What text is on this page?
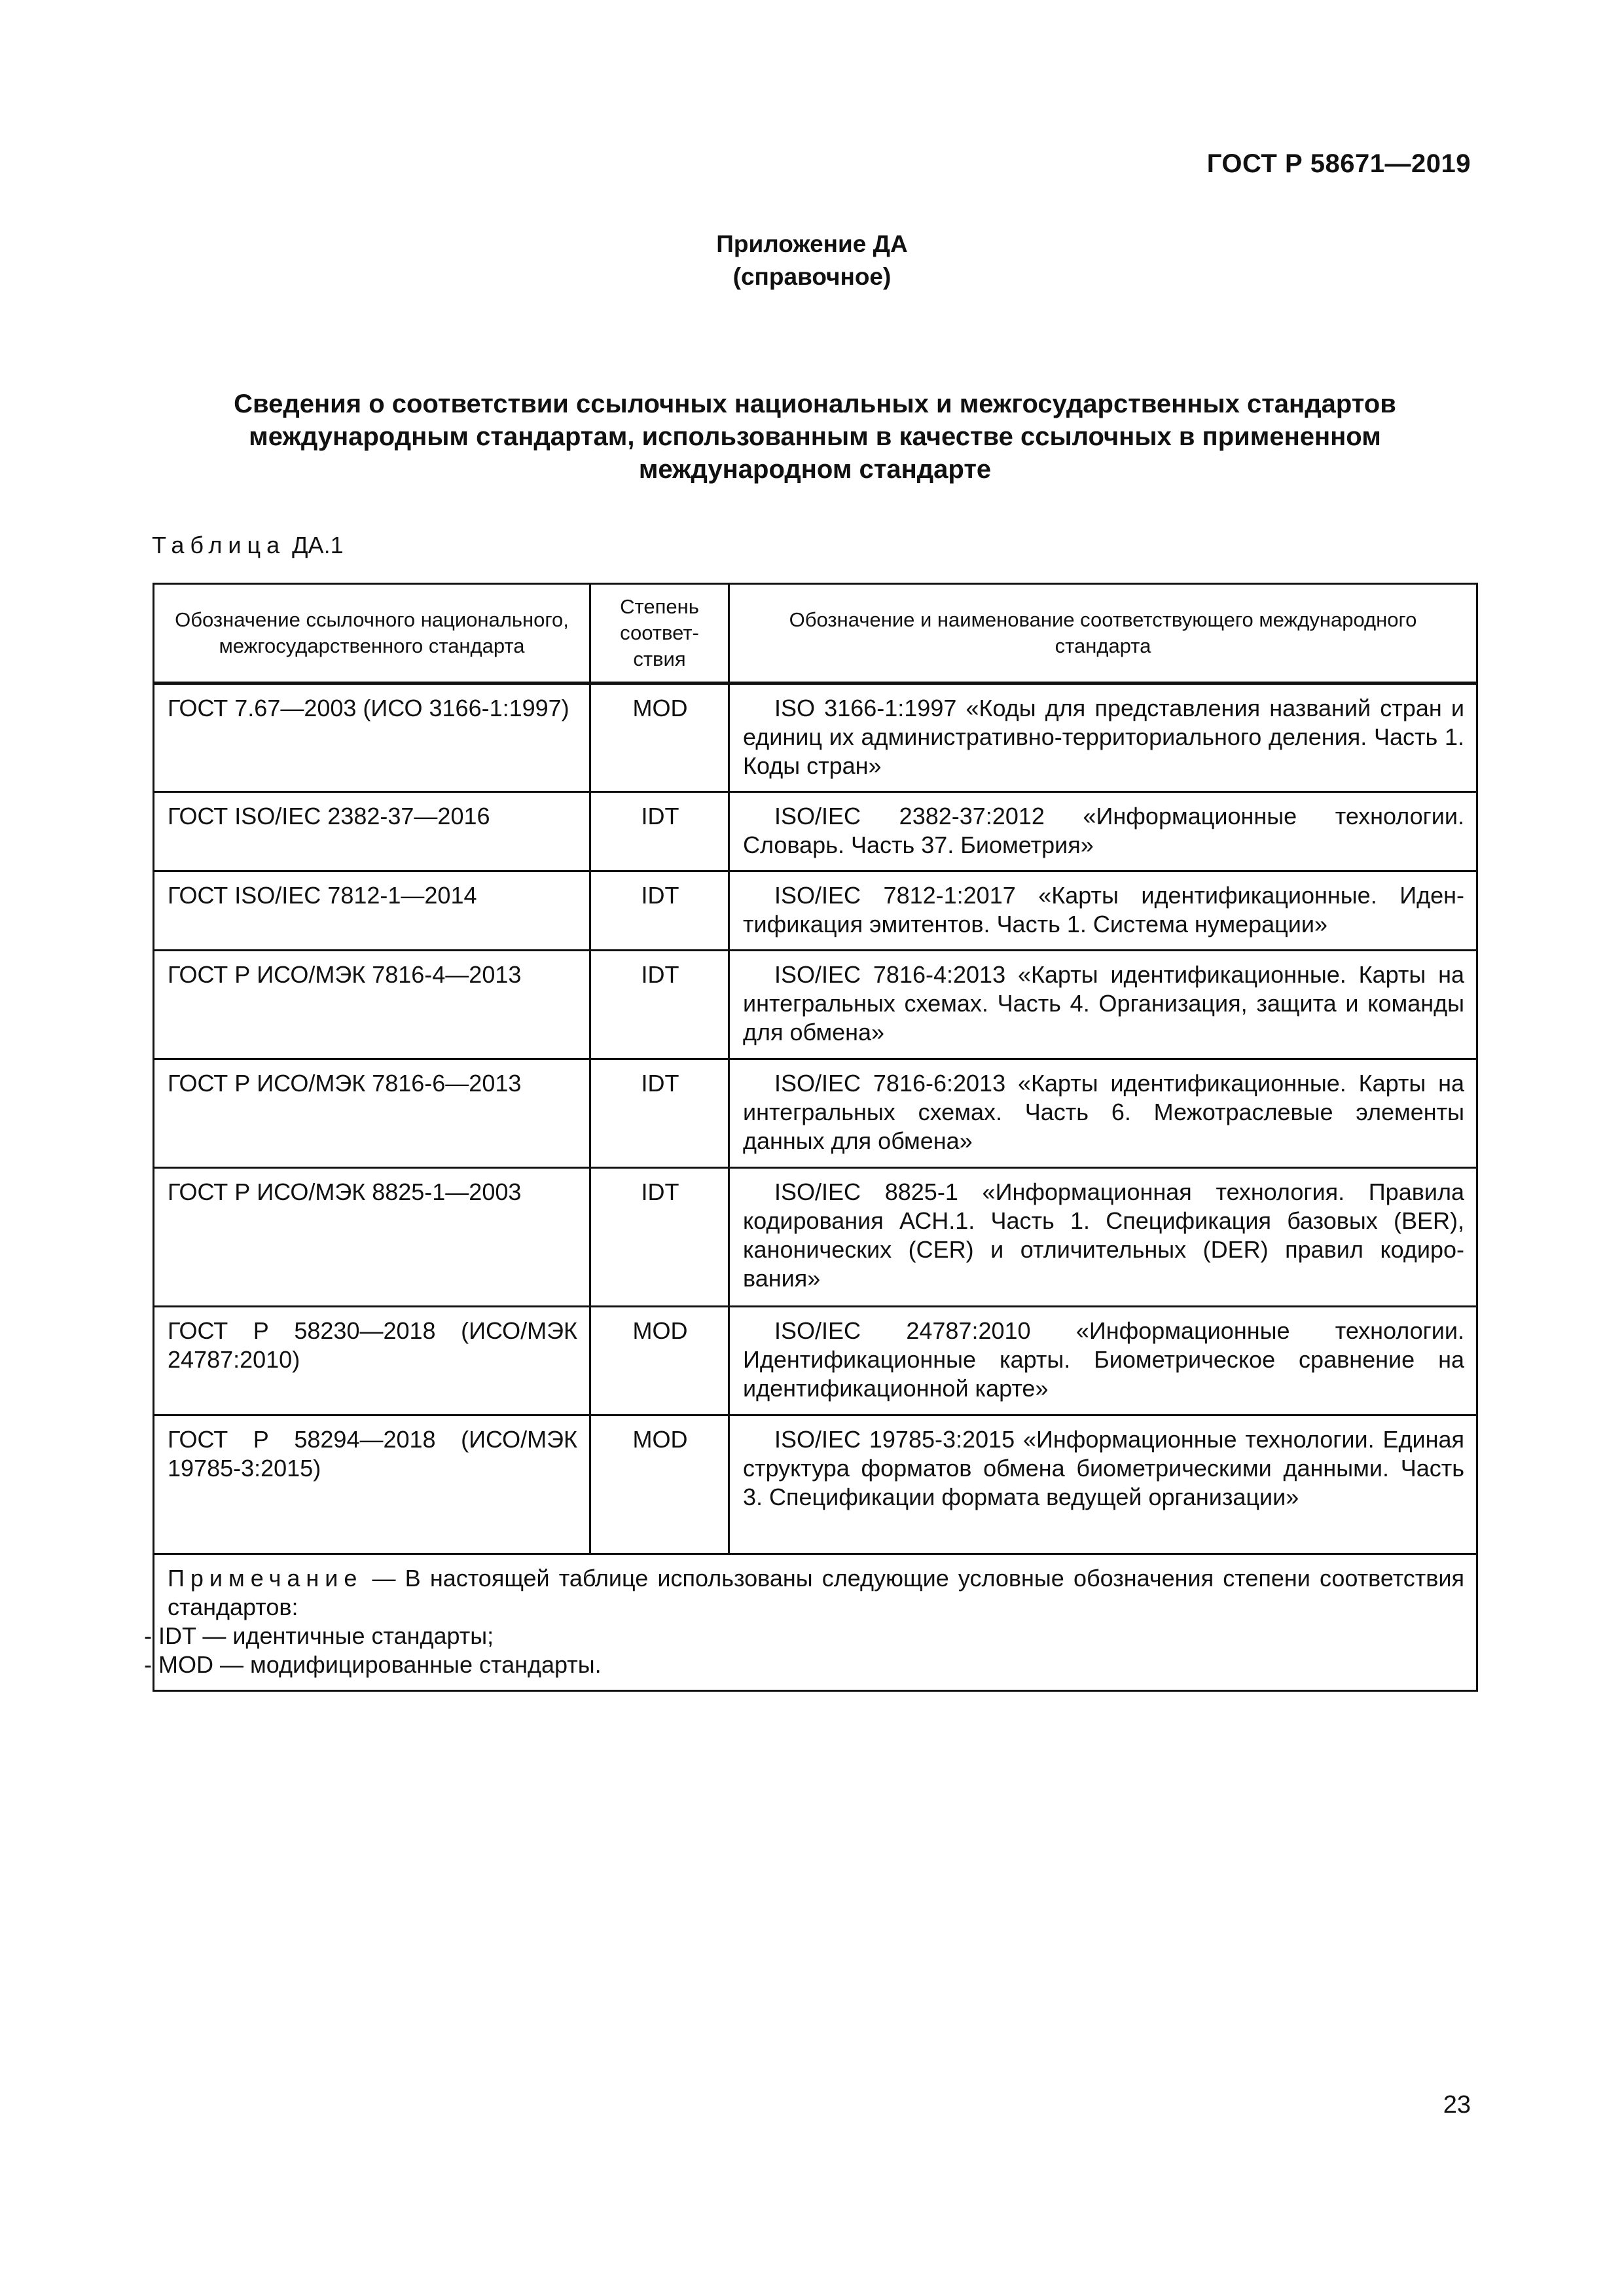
ГОСТ Р 58671—2019
Приложение ДА
(справочное)
Сведения о соответствии ссылочных национальных и межгосударственных стандартов
международным стандартам, использованным в качестве ссылочных в примененном
международном стандарте
Таблица ДА.1
Обозначение ссылочного национального, межгосударственного стандарта	Степень соответ- ствия	Обозначение и наименование соответствующего международного стандарта
ГОСТ 7.67—2003 (ИСО 3166-1:1997)	MOD	ISO 3166-1:1997 «Коды для представления названий стран и единиц их административно-территориального деления. Часть 1. Коды стран»
ГОСТ ISO/IEC 2382-37—2016	IDT	ISO/IEC 2382-37:2012 «Информационные технологии. Словарь. Часть 37. Биометрия»
ГОСТ ISO/IEC 7812-1—2014	IDT	ISO/IEC 7812-1:2017 «Карты идентификационные. Идентификация эмитентов. Часть 1. Система нумерации»
ГОСТ Р ИСО/МЭК 7816-4—2013	IDT	ISO/IEC 7816-4:2013 «Карты идентификационные. Карты на интегральных схемах. Часть 4. Организация, защита и команды для обмена»
ГОСТ Р ИСО/МЭК 7816-6—2013	IDT	ISO/IEC 7816-6:2013 «Карты идентификационные. Карты на интегральных схемах. Часть 6. Межотраслевые элементы данных для обмена»
ГОСТ Р ИСО/МЭК 8825-1—2003	IDT	ISO/IEC 8825-1 «Информационная технология. Правила кодирования АСН.1. Часть 1. Спецификация базовых (BER), канонических (CER) и отличительных (DER) правил кодирования»
ГОСТ Р 58230—2018 (ИСО/МЭК 24787:2010)	MOD	ISO/IEC 24787:2010 «Информационные технологии. Идентификационные карты. Биометрическое сравнение на идентификационной карте»
ГОСТ Р 58294—2018 (ИСО/МЭК 19785-3:2015)	MOD	ISO/IEC 19785-3:2015 «Информационные технологии. Единая структура форматов обмена биометрическими данными. Часть 3. Спецификации формата ведущей организации»

Примечание — В настоящей таблице использованы следующие условные обозначения степени соответствия стандартов:
- IDT — идентичные стандарты;
- MOD — модифицированные стандарты.		
23
